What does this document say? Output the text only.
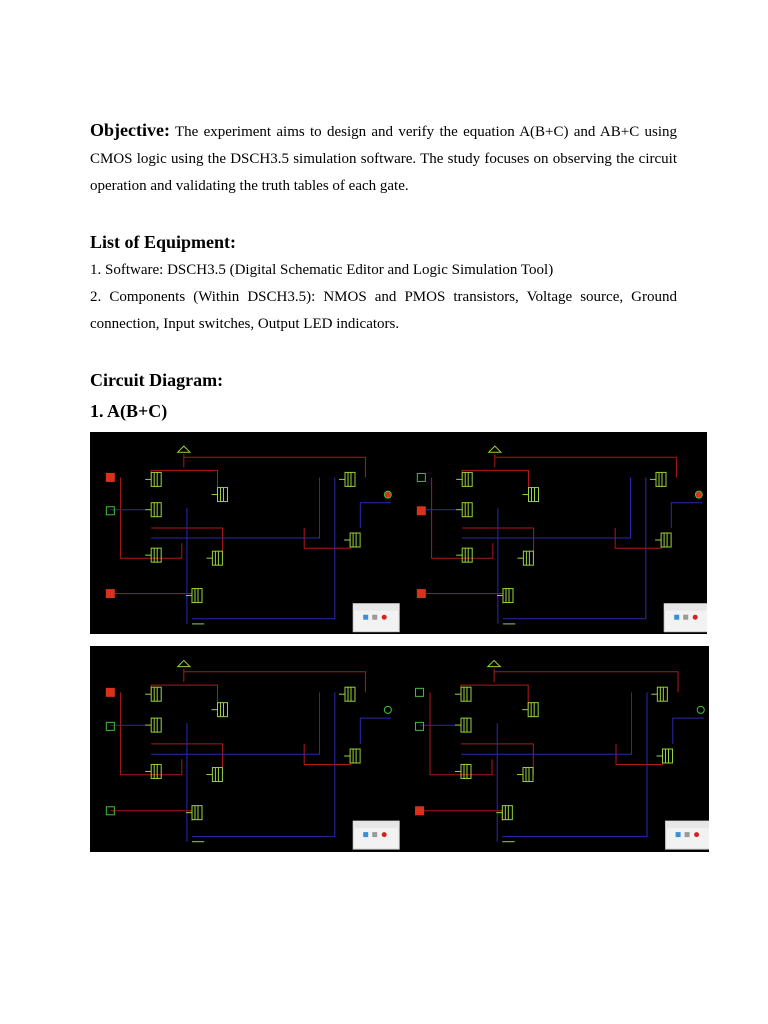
Objective: The experiment aims to design and verify the equation A(B+C) and AB+C using CMOS logic using the DSCH3.5 simulation software. The study focuses on observing the circuit operation and validating the truth tables of each gate.

List of Equipment:

1. Software: DSCH3.5 (Digital Schematic Editor and Logic Simulation Tool)

2. Components (Within DSCH3.5): NMOS and PMOS transistors, Voltage source, Ground connection, Input switches, Output LED indicators.

Circuit Diagram:
1. A(B+C)
